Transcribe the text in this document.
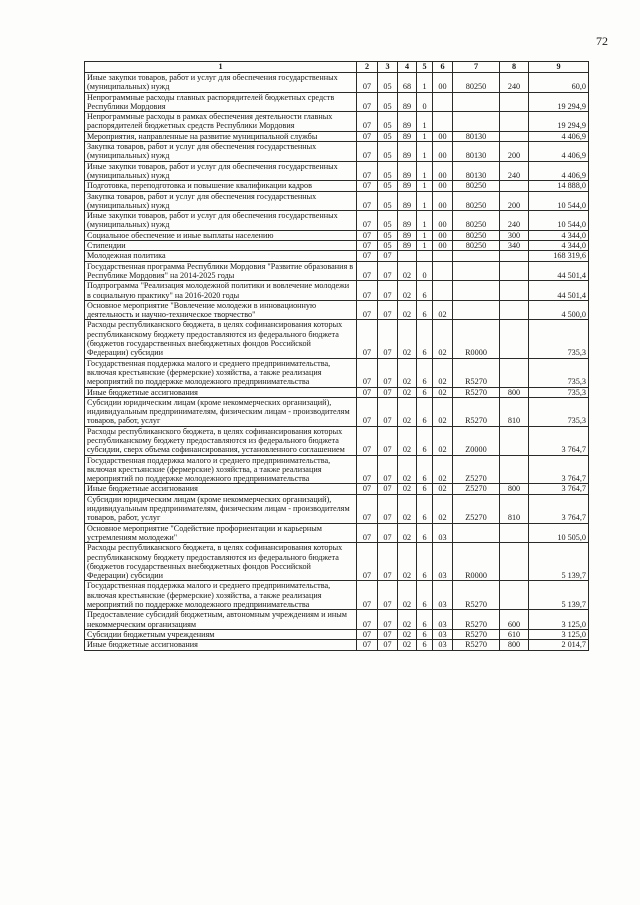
72
1	2	3	4	5	6	7	8	9
Иные закупки товаров, работ и услуг для обеспечения государственных (муниципальных) нужд	07	05	68	1	00	80250	240	60,0
Непрограммные расходы главных распорядителей бюджетных средств Республики Мордовия	07	05	89	0				19 294,9
Непрограммные расходы в рамках обеспечения деятельности главных распорядителей бюджетных средств Республики Мордовия	07	05	89	1				19 294,9
Мероприятия, направленные на развитие муниципальной службы	07	05	89	1	00	80130		4 406,9
Закупка товаров, работ и услуг для обеспечения государственных (муниципальных) нужд	07	05	89	1	00	80130	200	4 406,9
Иные закупки товаров, работ и услуг для обеспечения государственных (муниципальных) нужд	07	05	89	1	00	80130	240	4 406,9
Подготовка, переподготовка и повышение квалификации кадров	07	05	89	1	00	80250		14 888,0
Закупка товаров, работ и услуг для обеспечения государственных (муниципальных) нужд	07	05	89	1	00	80250	200	10 544,0
Иные закупки товаров, работ и услуг для обеспечения государственных (муниципальных) нужд	07	05	89	1	00	80250	240	10 544,0
Социальное обеспечение и иные выплаты населению	07	05	89	1	00	80250	300	4 344,0
Стипендии	07	05	89	1	00	80250	340	4 344,0
Молодежная политика	07	07						168 319,6
Государственная программа Республики Мордовия "Развитие образования в Республике Мордовия" на 2014-2025 годы	07	07	02	0				44 501,4
Подпрограмма "Реализация молодежной политики и вовлечение молодежи в социальную практику" на 2016-2020 годы	07	07	02	6				44 501,4
Основное мероприятие "Вовлечение молодежи в инновационную деятельность и научно-техническое творчество"	07	07	02	6	02			4 500,0
Расходы республиканского бюджета, в целях софинансирования которых республиканскому бюджету предоставляются из федерального бюджета (бюджетов государственных внебюджетных фондов Российской Федерации) субсидии	07	07	02	6	02	R0000		735,3
Государственная поддержка малого и среднего предпринимательства, включая крестьянские (фермерские) хозяйства, а также реализация мероприятий по поддержке молодежного предпринимательства	07	07	02	6	02	R5270		735,3
Иные бюджетные ассигнования	07	07	02	6	02	R5270	800	735,3
Субсидии юридическим лицам (кроме некоммерческих организаций), индивидуальным предпринимателям, физическим лицам - производителям товаров, работ, услуг	07	07	02	6	02	R5270	810	735,3
Расходы республиканского бюджета, в целях софинансирования которых республиканскому бюджету предоставляются из федерального бюджета субсидии, сверх объема софинансирования, установленного соглашением	07	07	02	6	02	Z0000		3 764,7
Государственная поддержка малого и среднего предпринимательства, включая крестьянские (фермерские) хозяйства, а также реализация мероприятий по поддержке молодежного предпринимательства	07	07	02	6	02	Z5270		3 764,7
Иные бюджетные ассигнования	07	07	02	6	02	Z5270	800	3 764,7
Субсидии юридическим лицам (кроме некоммерческих организаций), индивидуальным предпринимателям, физическим лицам - производителям товаров, работ, услуг	07	07	02	6	02	Z5270	810	3 764,7
Основное мероприятие "Содействие профориентации и карьерным устремлениям молодежи"	07	07	02	6	03			10 505,0
Расходы республиканского бюджета, в целях софинансирования которых республиканскому бюджету предоставляются из федерального бюджета (бюджетов государственных внебюджетных фондов Российской Федерации) субсидии	07	07	02	6	03	R0000		5 139,7
Государственная поддержка малого и среднего предпринимательства, включая крестьянские (фермерские) хозяйства, а также реализация мероприятий по поддержке молодежного предпринимательства	07	07	02	6	03	R5270		5 139,7
Предоставление субсидий бюджетным, автономным учреждениям и иным некоммерческим организациям	07	07	02	6	03	R5270	600	3 125,0
Субсидии бюджетным учреждениям	07	07	02	6	03	R5270	610	3 125,0
Иные бюджетные ассигнования	07	07	02	6	03	R5270	800	2 014,7
